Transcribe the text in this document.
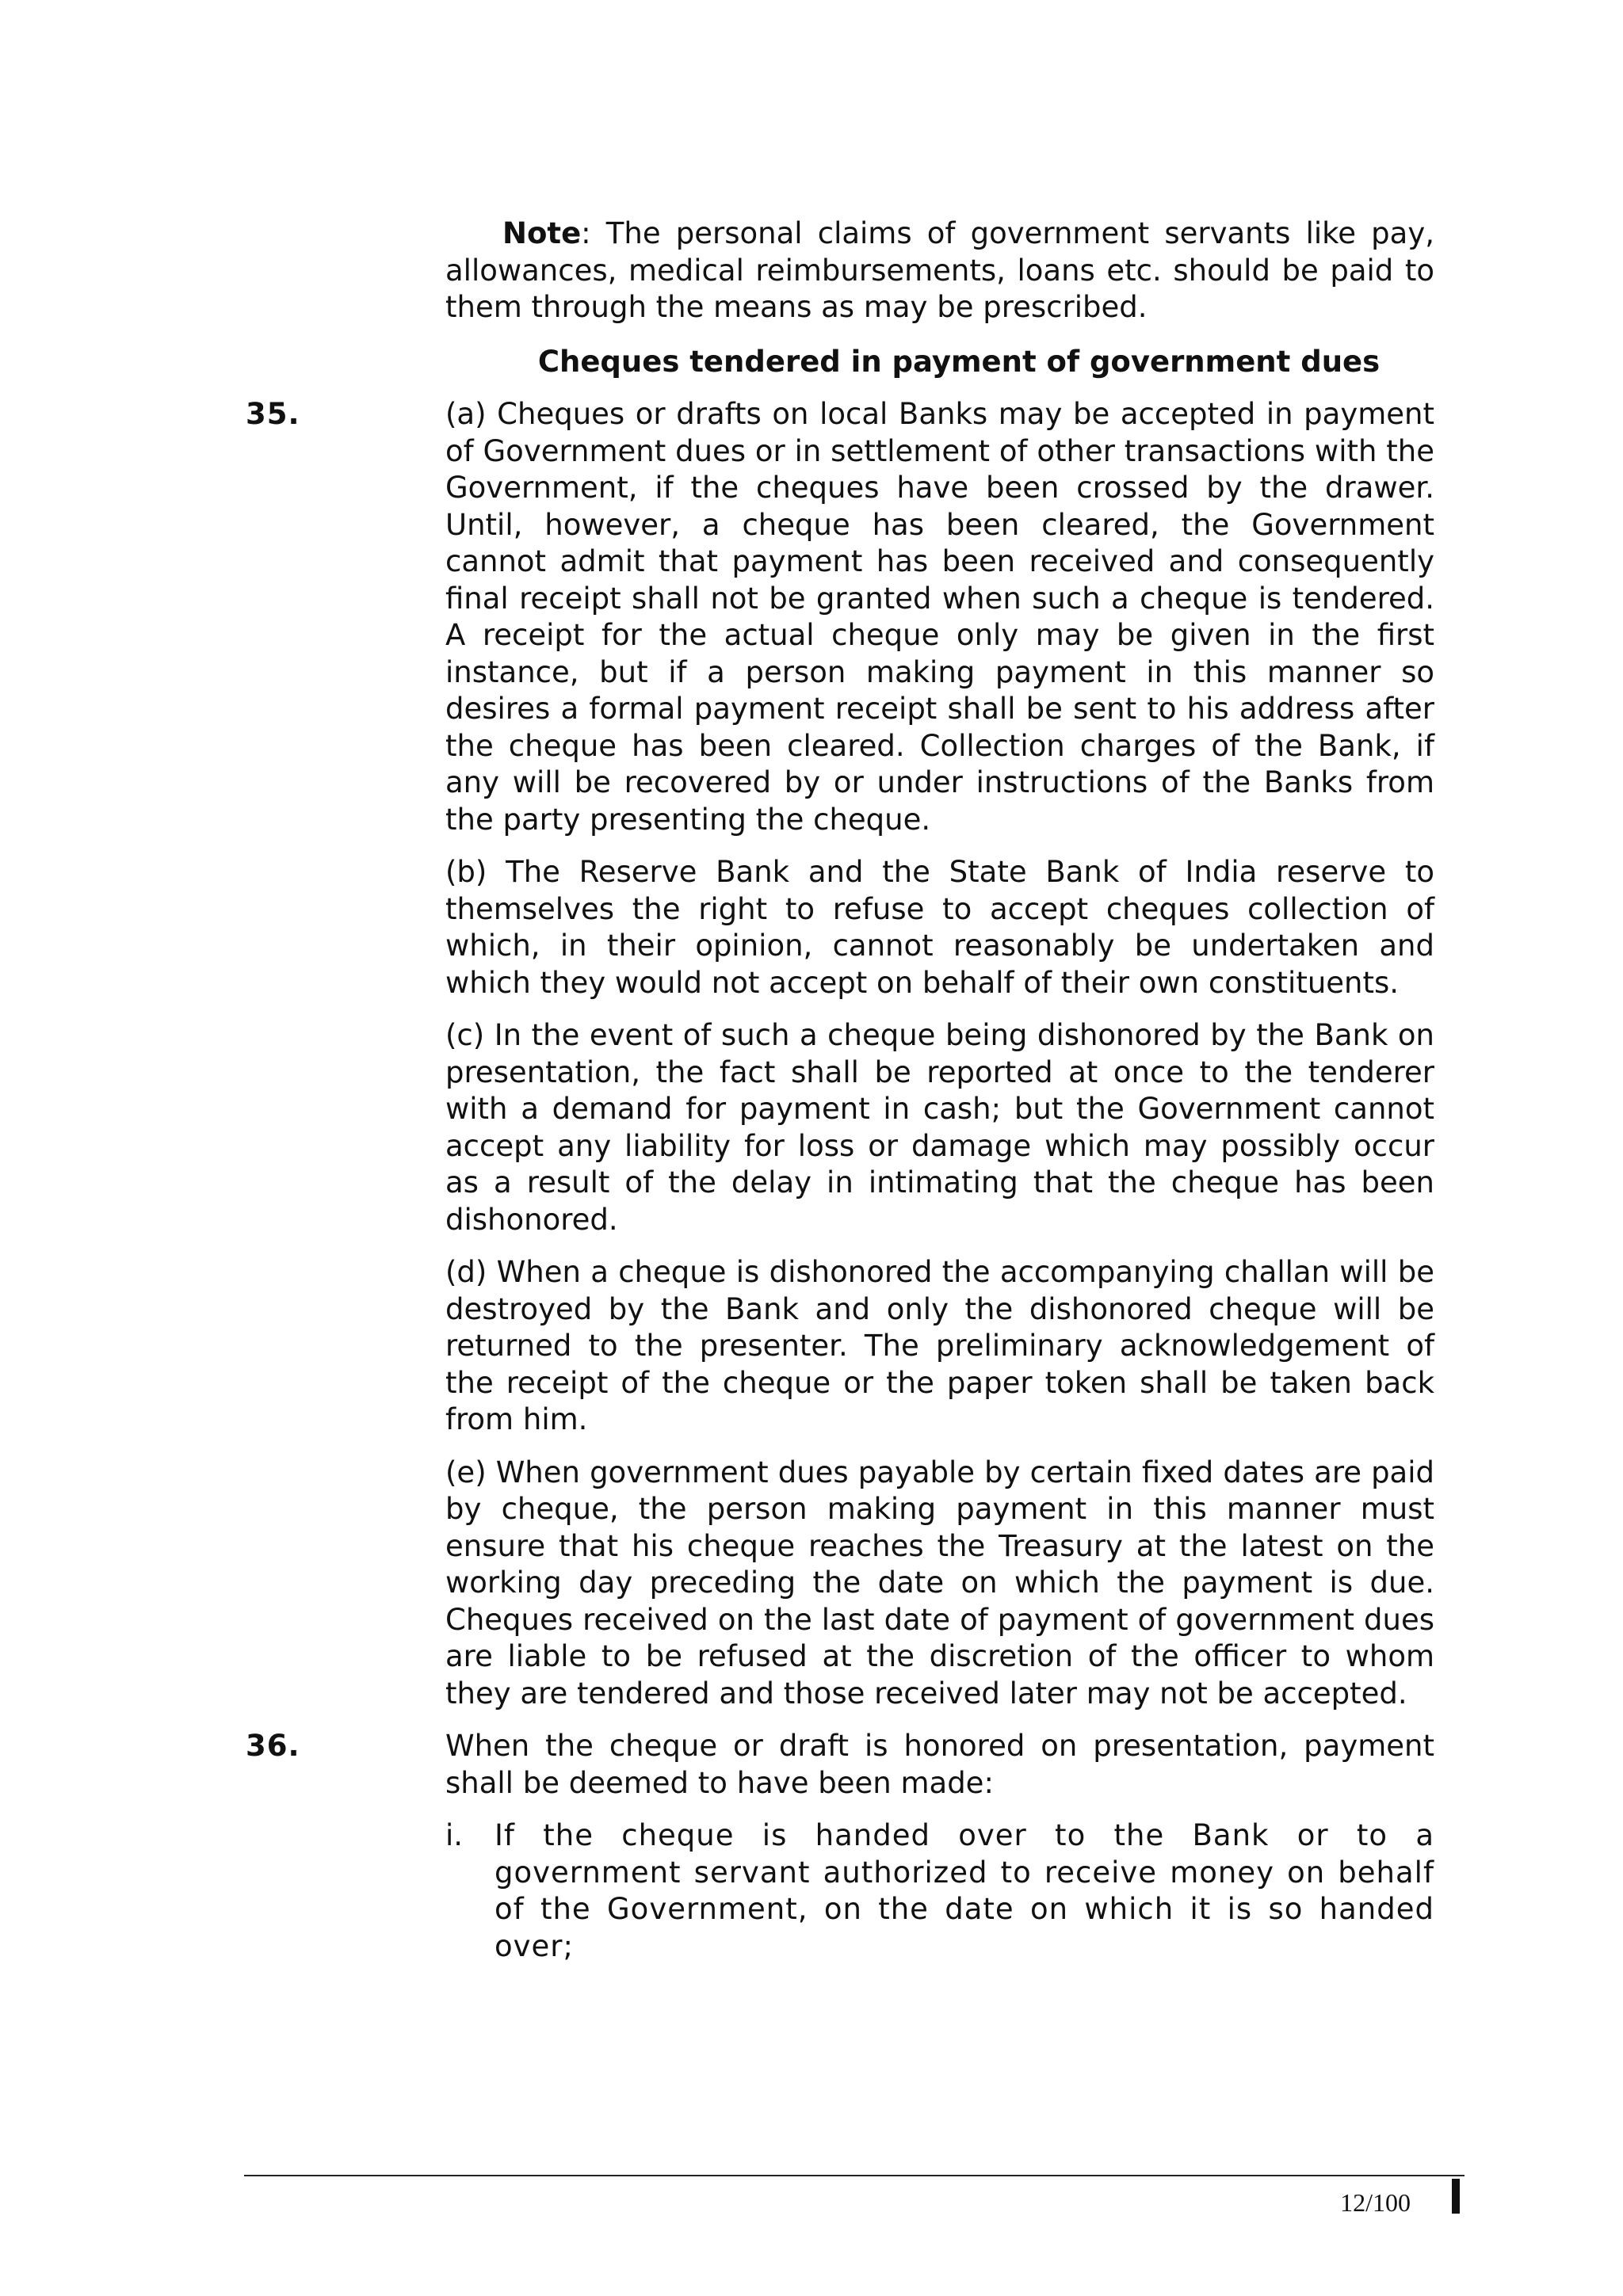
Note: The personal claims of government servants like pay, allowances, medical reimbursements, loans etc. should be paid to them through the means as may be prescribed.

Cheques tendered in payment of government dues
35.	(a) Cheques or drafts on local Banks may be accepted in payment of Government dues or in settlement of other transactions with the Government, if the cheques have been crossed by the drawer. Until, however, a cheque has been cleared, the Government cannot admit that payment has been received and consequently final receipt shall not be granted when such a cheque is tendered. A receipt for the actual cheque only may be given in the first instance, but if a person making payment in this manner so desires a formal payment receipt shall be sent to his address after the cheque has been cleared. Collection charges of the Bank, if any will be recovered by or under instructions of the Banks from the party presenting the cheque.

(b) The Reserve Bank and the State Bank of India reserve to themselves the right to refuse to accept cheques collection of which, in their opinion, cannot reasonably be undertaken and which they would not accept on behalf of their own constituents.

(c) In the event of such a cheque being dishonored by the Bank on presentation, the fact shall be reported at once to the tenderer with a demand for payment in cash; but the Government cannot accept any liability for loss or damage which may possibly occur as a result of the delay in intimating that the cheque has been dishonored.

(d) When a cheque is dishonored the accompanying challan will be destroyed by the Bank and only the dishonored cheque will be returned to the presenter. The preliminary acknowledgement of the receipt of the cheque or the paper token shall be taken back from him.

(e) When government dues payable by certain fixed dates are paid by cheque, the person making payment in this manner must ensure that his cheque reaches the Treasury at the latest on the working day preceding the date on which the payment is due. Cheques received on the last date of payment of government dues are liable to be refused at the discretion of the officer to whom they are tendered and those received later may not be accepted.

36.	When the cheque or draft is honored on presentation, payment shall be deemed to have been made:

i.	If the cheque is handed over to the Bank or to a government servant authorized to receive money on behalf of the Government, on the date on which it is so handed over;
12/100
